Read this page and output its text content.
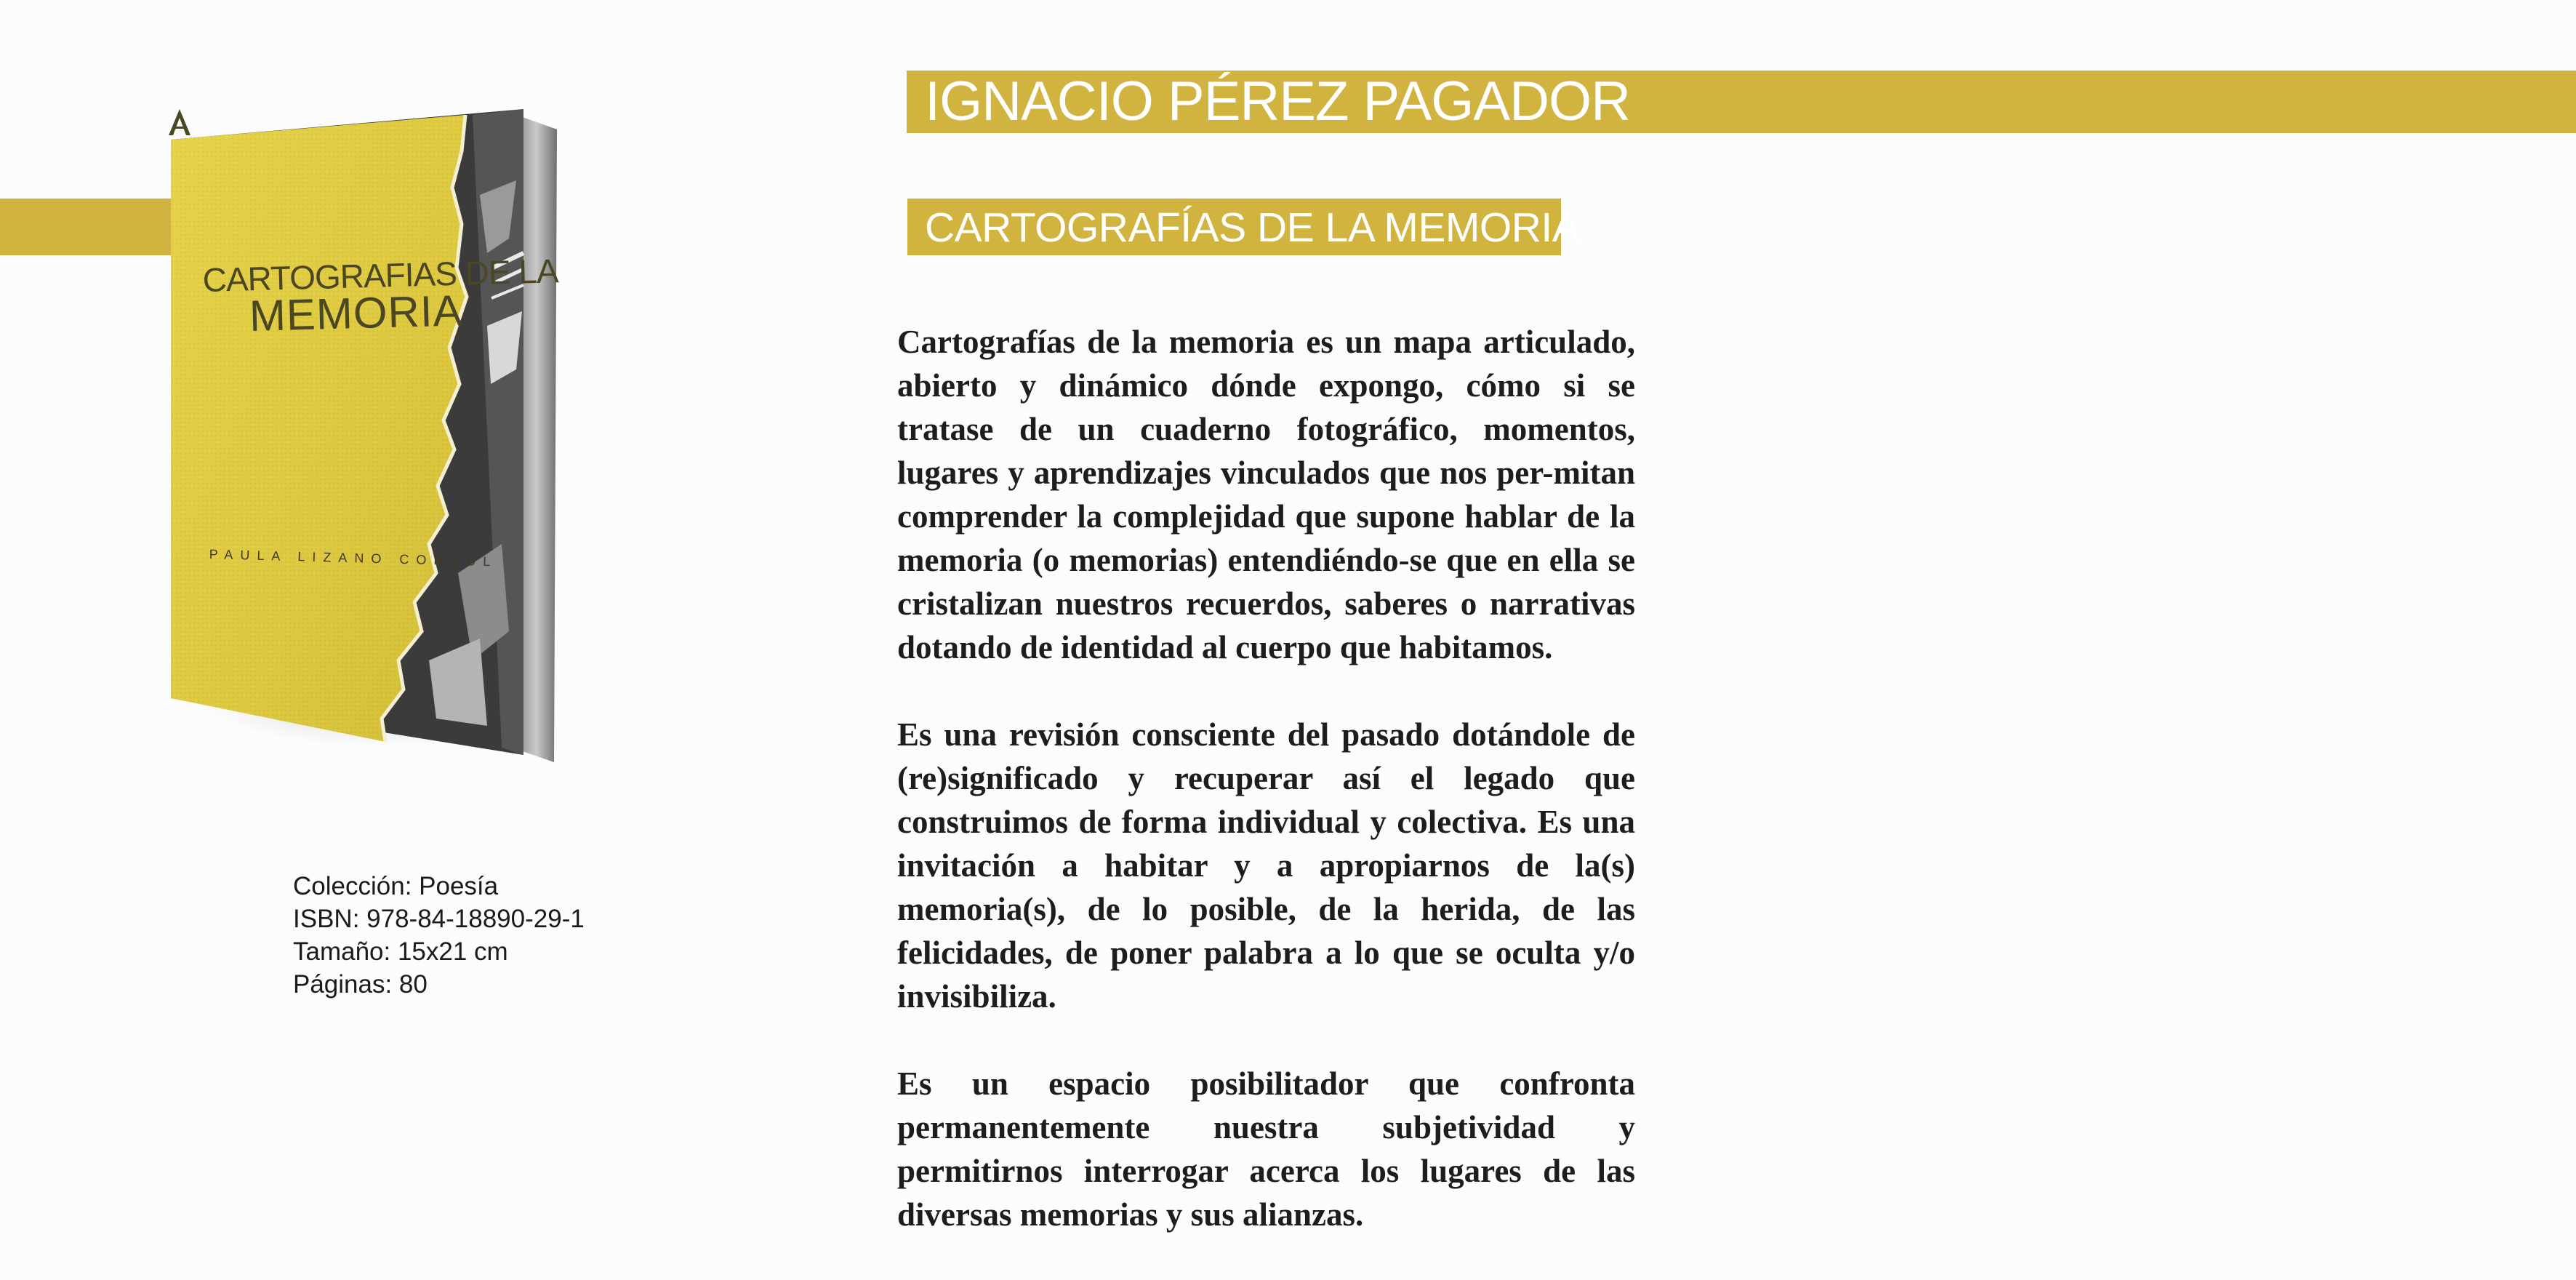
IGNACIO PÉREZ PAGADOR
CARTOGRAFÍAS DE LA MEMORIA
CARTOGRAFIAS DE LA
MEMORIA
PAULA LIZANO CONSUL

Cartografías de la memoria es un mapa articulado, abierto y dinámico dónde expongo, cómo si se tratase de un cuaderno fotográfico, momentos, lugares y aprendizajes vinculados que nos per-mitan comprender la complejidad que supone hablar de la memoria (o memorias) entendiéndo-se que en ella se cristalizan nuestros recuerdos, saberes o narrativas dotando de identidad al cuerpo que habitamos.

Es una revisión consciente del pasado dotándole de (re)significado y recuperar así el legado que construimos de forma individual y colectiva. Es una invitación a habitar y a apropiarnos de la(s) memoria(s), de lo posible, de la herida, de las felicidades, de poner palabra a lo que se oculta y/o invisibiliza.

Es un espacio posibilitador que confronta permanentemente nuestra subjetividad y permitirnos interrogar acerca los lugares de las diversas memorias y sus alianzas.

Colección: Poesía
ISBN: 978-84-18890-29-1
Tamaño: 15x21 cm
Páginas: 80
